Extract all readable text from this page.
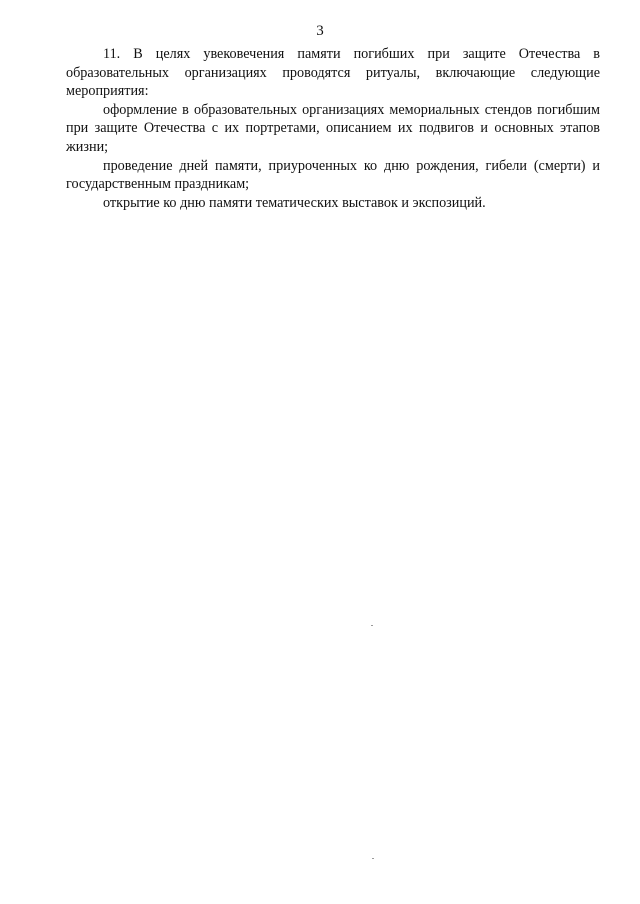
3

11. В целях увековечения памяти погибших при защите Отечества в образовательных организациях проводятся ритуалы, включающие следующие мероприятия:

оформление в образовательных организациях мемориальных стендов погибшим при защите Отечества с их портретами, описанием их подвигов и основных этапов жизни;

проведение дней памяти, приуроченных ко дню рождения, гибели (смерти) и государственным праздникам;

открытие ко дню памяти тематических выставок и экспозиций.
